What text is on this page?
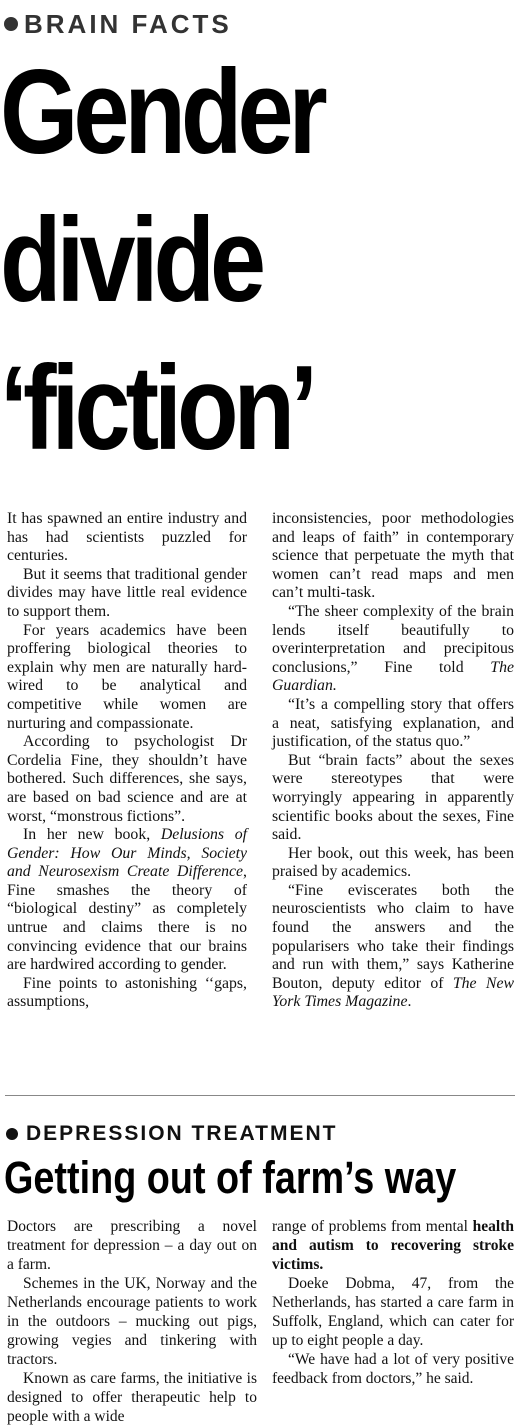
BRAIN FACTS
Gender
divide
‘fiction’

It has spawned an entire industry and has had scientists puzzled for centuries.

But it seems that traditional gender divides may have little real evidence to support them.

For years academics have been proffering biological theories to explain why men are naturally hard-wired to be analytical and competitive while women are nurturing and compassionate.

According to psychologist Dr Cordelia Fine, they shouldn’t have bothered. Such differences, she says, are based on bad science and are at worst, “monstrous fictions”.

In her new book, Delusions of Gender: How Our Minds, Society and Neurosexism Create Difference, Fine smashes the theory of “biological destiny” as completely untrue and claims there is no convincing evidence that our brains are hardwired according to gender.

Fine points to astonishing ‘‘gaps, assumptions,

inconsistencies, poor methodologies and leaps of faith” in contemporary science that perpetuate the myth that women can’t read maps and men can’t multi-task.

“The sheer complexity of the brain lends itself beautifully to overinterpretation and precipitous conclusions,” Fine told The Guardian.

“It’s a compelling story that offers a neat, satisfying explanation, and justification, of the status quo.”

But “brain facts” about the sexes were stereotypes that were worryingly appearing in apparently scientific books about the sexes, Fine said.

Her book, out this week, has been praised by academics.

“Fine eviscerates both the neuroscientists who claim to have found the answers and the popularisers who take their findings and run with them,” says Katherine Bouton, deputy editor of The New York Times Magazine.

DEPRESSION TREATMENT
Getting out of farm’s way

Doctors are prescribing a novel treatment for depression – a day out on a farm.

Schemes in the UK, Norway and the Netherlands encourage patients to work in the outdoors – mucking out pigs, growing vegies and tinkering with tractors.

Known as care farms, the initiative is designed to offer therapeutic help to people with a wide

range of problems from mental health and autism to recovering stroke victims.

Doeke Dobma, 47, from the Netherlands, has started a care farm in Suffolk, England, which can cater for up to eight people a day.

“We have had a lot of very positive feedback from doctors,” he said.
